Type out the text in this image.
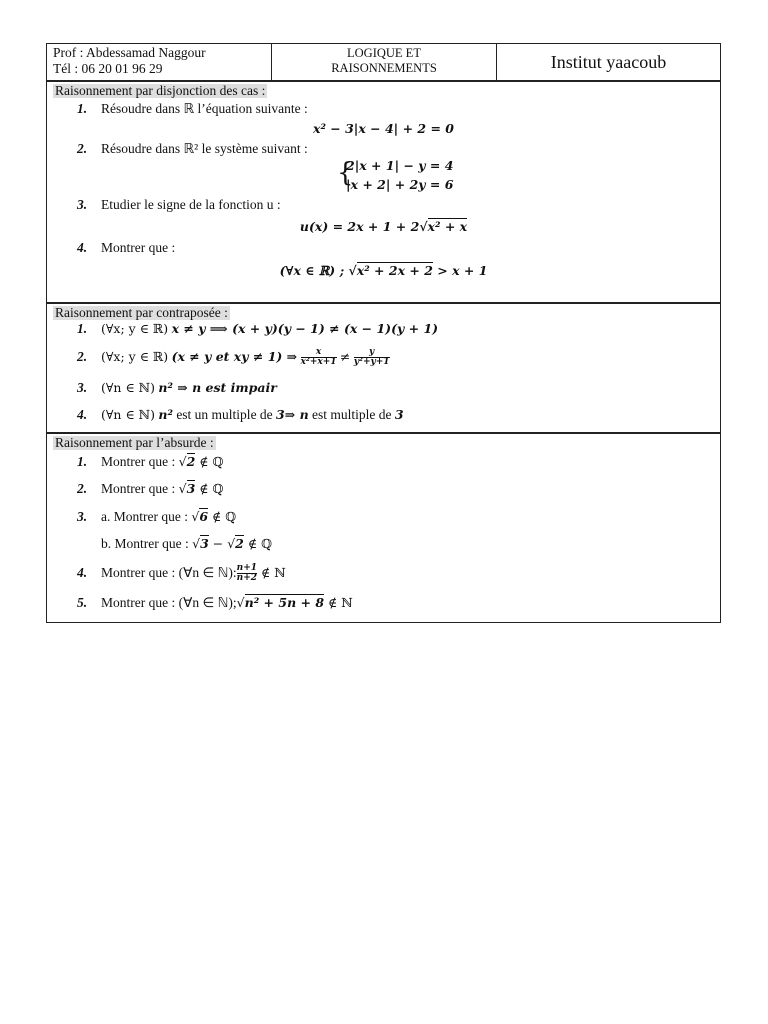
Prof : Abdessamad Naggour
Tél : 06 20 01 96 29
LOGIQUE ET
RAISONNEMENTS	Institut yaacoub
Raisonnement par disjonction des cas :
1. Résoudre dans ℝ l’équation suivante :
x² − 3|x − 4| + 2 = 0
2. Résoudre dans ℝ² le système suivant :
{
2|x + 1| − y = 4
|x + 2| + 2y = 6
3. Etudier le signe de la fonction u :
u(x) = 2x + 1 + 2√x² + x
4. Montrer que :
(∀x ∈ ℝ) ; √x² + 2x + 2 > x + 1
Raisonnement par contraposée :
1. (∀x; y ∈ ℝ) x ≠ y ⟹ (x + y)(y − 1) ≠ (x − 1)(y + 1)
2. (∀x; y ∈ ℝ) (x ≠ y et xy ≠ 1) ⇒ $\frac{x}{\text{x²+x+1}} \ne \frac{y}{\text{y²+y+1}}$
3. (∀n ∈ ℕ) n² ⇒ n est impair
4. (∀n ∈ ℕ) n² est un multiple de 3⇒ n est multiple de 3
Raisonnement par l’absurde :
1. Montrer que : √2 ∉ ℚ
2. Montrer que : √3 ∉ ℚ
3. a. Montrer que : √6 ∉ ℚ
b. Montrer que : √3 − √2 ∉ ℚ
4. Montrer que : (∀n ∈ ℕ): $\frac{n+1}{n+2}$ ∉ ℕ
5. Montrer que : (∀n ∈ ℕ);√n² + 5n + 8 ∉ ℕ
